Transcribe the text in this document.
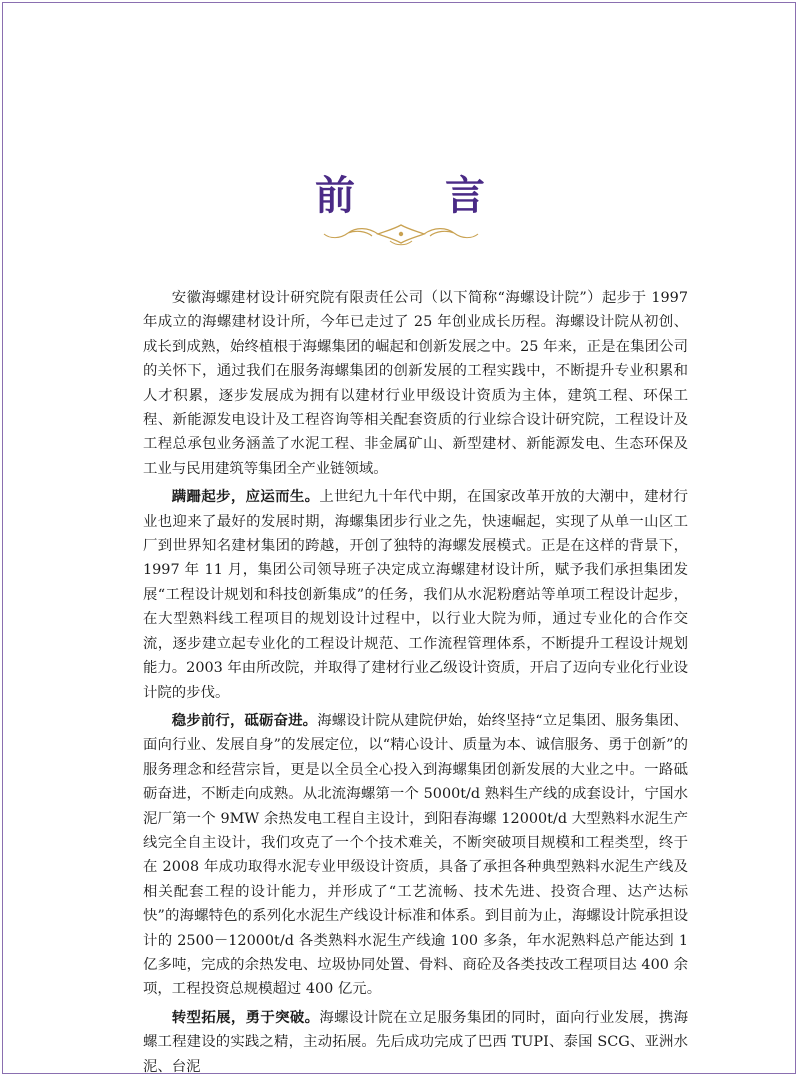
前 言

安徽海螺建材设计研究院有限责任公司（以下简称“海螺设计院”）起步于 1997 年成立的海螺建材设计所，今年已走过了 25 年创业成长历程。海螺设计院从初创、成长到成熟，始终植根于海螺集团的崛起和创新发展之中。25 年来，正是在集团公司的关怀下，通过我们在服务海螺集团的创新发展的工程实践中，不断提升专业积累和人才积累，逐步发展成为拥有以建材行业甲级设计资质为主体，建筑工程、环保工程、新能源发电设计及工程咨询等相关配套资质的行业综合设计研究院，工程设计及工程总承包业务涵盖了水泥工程、非金属矿山、新型建材、新能源发电、生态环保及工业与民用建筑等集团全产业链领域。

蹒跚起步，应运而生。上世纪九十年代中期，在国家改革开放的大潮中，建材行业也迎来了最好的发展时期，海螺集团步行业之先，快速崛起，实现了从单一山区工厂到世界知名建材集团的跨越，开创了独特的海螺发展模式。正是在这样的背景下，1997 年 11 月，集团公司领导班子决定成立海螺建材设计所，赋予我们承担集团发展“工程设计规划和科技创新集成”的任务，我们从水泥粉磨站等单项工程设计起步，在大型熟料线工程项目的规划设计过程中，以行业大院为师，通过专业化的合作交流，逐步建立起专业化的工程设计规范、工作流程管理体系，不断提升工程设计规划能力。2003 年由所改院，并取得了建材行业乙级设计资质，开启了迈向专业化行业设计院的步伐。

稳步前行，砥砺奋进。海螺设计院从建院伊始，始终坚持“立足集团、服务集团、面向行业、发展自身”的发展定位，以“精心设计、质量为本、诚信服务、勇于创新”的服务理念和经营宗旨，更是以全员全心投入到海螺集团创新发展的大业之中。一路砥砺奋进，不断走向成熟。从北流海螺第一个 5000t/d 熟料生产线的成套设计，宁国水泥厂第一个 9MW 余热发电工程自主设计，到阳春海螺 12000t/d 大型熟料水泥生产线完全自主设计，我们攻克了一个个技术难关，不断突破项目规模和工程类型，终于在 2008 年成功取得水泥专业甲级设计资质，具备了承担各种典型熟料水泥生产线及相关配套工程的设计能力，并形成了“工艺流畅、技术先进、投资合理、达产达标快”的海螺特色的系列化水泥生产线设计标准和体系。到目前为止，海螺设计院承担设计的 2500－12000t/d 各类熟料水泥生产线逾 100 多条，年水泥熟料总产能达到 1 亿多吨，完成的余热发电、垃圾协同处置、骨料、商砼及各类技改工程项目达 400 余项，工程投资总规模超过 400 亿元。

转型拓展，勇于突破。海螺设计院在立足服务集团的同时，面向行业发展，携海螺工程建设的实践之精，主动拓展。先后成功完成了巴西 TUPI、泰国 SCG、亚洲水泥、台泥
